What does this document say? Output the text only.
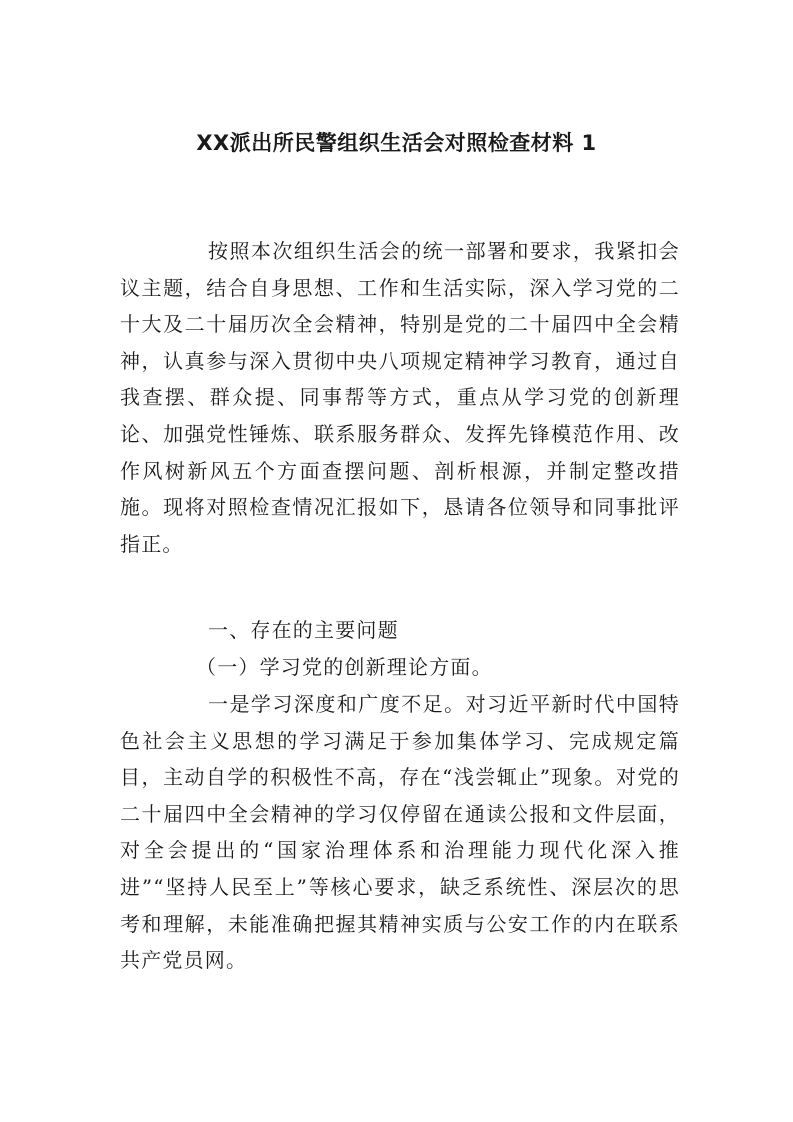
XX派出所民警组织生活会对照检查材料 1

按照本次组织生活会的统一部署和要求，我紧扣会议主题，结合自身思想、工作和生活实际，深入学习党的二十大及二十届历次全会精神，特别是党的二十届四中全会精神，认真参与深入贯彻中央八项规定精神学习教育，通过自我查摆、群众提、同事帮等方式，重点从学习党的创新理论、加强党性锤炼、联系服务群众、发挥先锋模范作用、改作风树新风五个方面查摆问题、剖析根源，并制定整改措施。现将对照检查情况汇报如下，恳请各位领导和同事批评指正。

一、存在的主要问题

（一）学习党的创新理论方面。

一是学习深度和广度不足。对习近平新时代中国特色社会主义思想的学习满足于参加集体学习、完成规定篇目，主动自学的积极性不高，存在“浅尝辄止”现象。对党的二十届四中全会精神的学习仅停留在通读公报和文件层面，对全会提出的“国家治理体系和治理能力现代化深入推进”“坚持人民至上”等核心要求，缺乏系统性、深层次的思考和理解，未能准确把握其精神实质与公安工作的内在联系共产党员网。
